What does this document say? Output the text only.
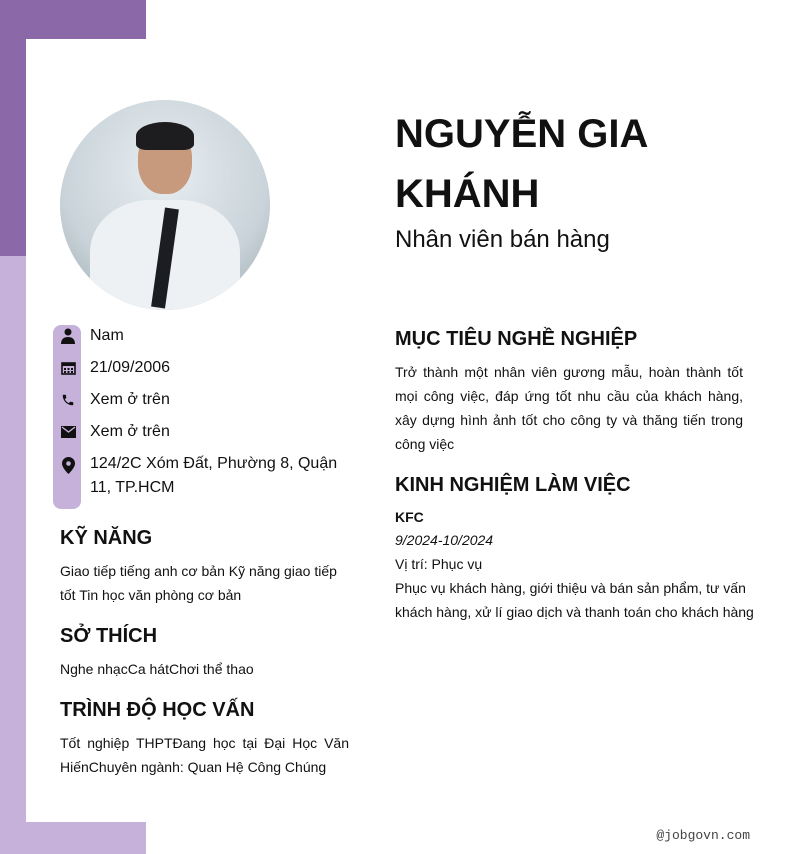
Nam
21/09/2006
Xem ở trên
Xem ở trên
124/2C Xóm Đất, Phường 8, Quận 11, TP.HCM
KỸ NĂNG
Giao tiếp tiếng anh cơ bản Kỹ năng giao tiếp tốt Tin học văn phòng cơ bản
SỞ THÍCH
Nghe nhạcCa hátChơi thể thao
TRÌNH ĐỘ HỌC VẤN
Tốt nghiệp THPTĐang học tại Đại Học Văn HiếnChuyên ngành: Quan Hệ Công Chúng
NGUYỄN GIA KHÁNH
Nhân viên bán hàng
MỤC TIÊU NGHỀ NGHIỆP
Trở thành một nhân viên gương mẫu, hoàn thành tốt mọi công việc, đáp ứng tốt nhu cầu của khách hàng, xây dựng hình ảnh tốt cho công ty và thăng tiến trong công việc
KINH NGHIỆM LÀM VIỆC
KFC
9/2024-10/2024
Vị trí: Phục vụ
Phục vụ khách hàng, giới thiệu và bán sản phẩm, tư vấn khách hàng, xử lí giao dịch và thanh toán cho khách hàng
@jobgovn.com
